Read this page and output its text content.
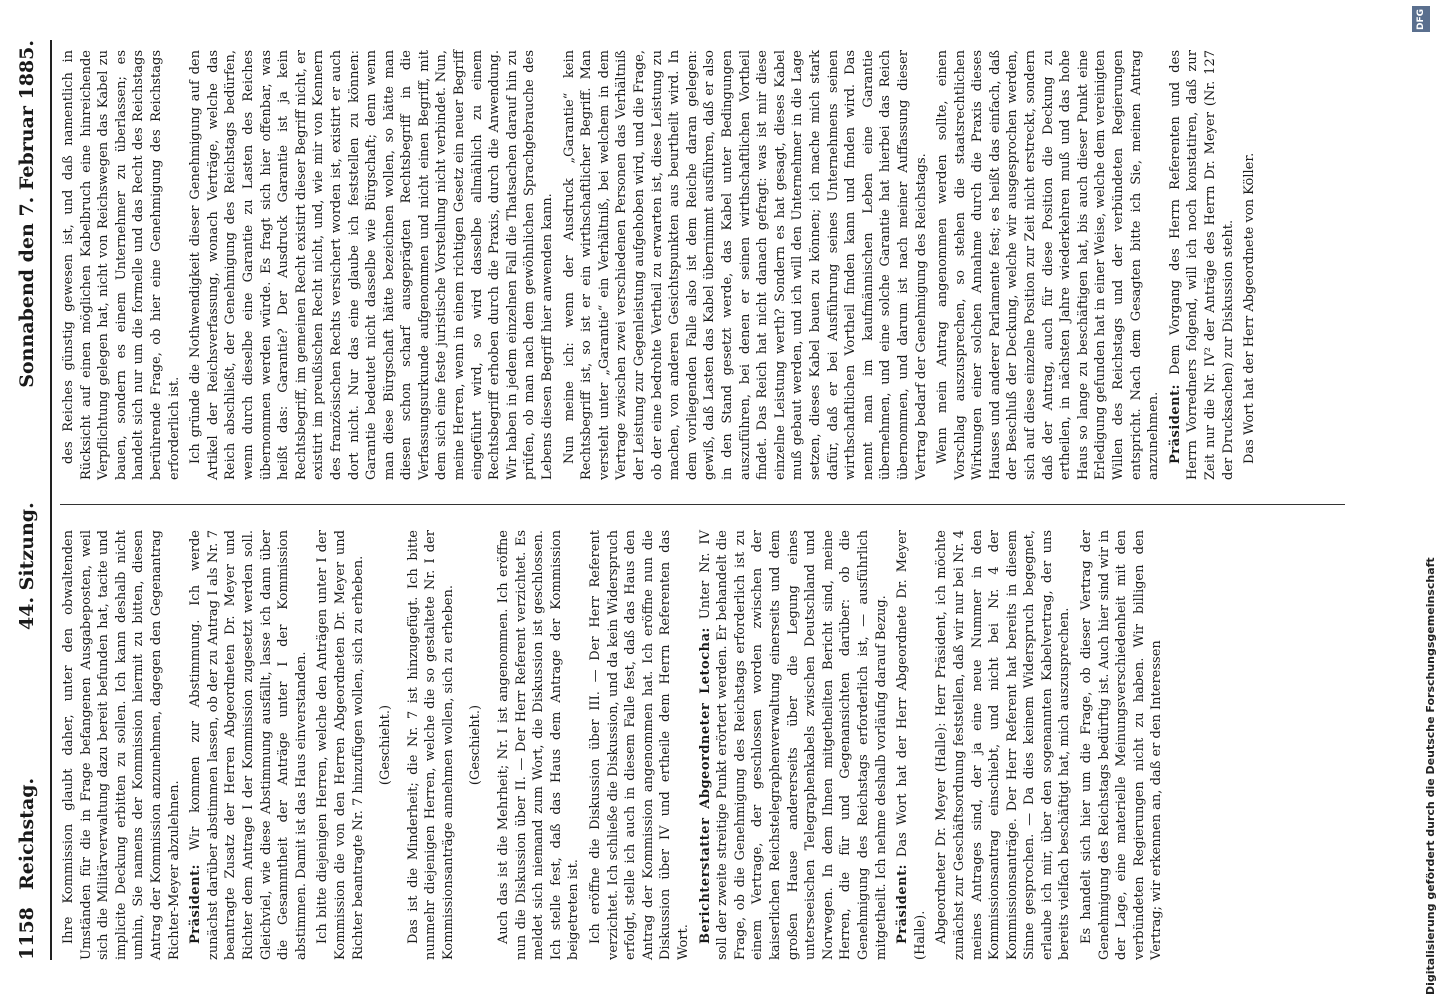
1158
Reichstag.
Sonnabend den 7. Februar 1885.
44. Sitzung. Ihre Kommission glaubt daher, unter den obwaltenden Umständen für die in Frage befangenen Ausgabeposten, weil sich die Militärverwaltung dazu bereit befunden hat, tacite und implicite Deckung erbitten zu sollen. Ich kann deshalb nicht umhin, Sie namens der Kommission hiermit zu bitten, diesen Antrag der Kommission anzunehmen, dagegen den Gegenantrag Richter-Meyer abzulehnen. Präsident: Wir kommen zur Abstimmung. Ich werde zunächst darüber abstimmen lassen, ob der zu Antrag I als Nr. 7 beantragte Zusatz der Herren Abgeordneten Dr. Meyer und Richter dem Antrage I der Kommission zugesetzt werden soll. Gleichviel, wie diese Abstimmung ausfällt, lasse ich dann über die Gesammtheit der Anträge unter I der Kommission abstimmen. Damit ist das Haus einverstanden. Ich bitte diejenigen Herren, welche den Anträgen unter I der Kommission die von den Herren Abgeordneten Dr. Meyer und Richter beantragte Nr. 7 hinzufügen wollen, sich zu erheben. (Geschieht.) Das ist die Minderheit; die Nr. 7 ist hinzugefügt. Ich bitte nunmehr diejenigen Herren, welche die so gestaltete Nr. I der Kommissionsanträge annehmen wollen, sich zu erheben. (Geschieht.) Auch das ist die Mehrheit; Nr. I ist angenommen. Ich eröffne nun die Diskussion über II. — Der Herr Referent verzichtet. Es meldet sich niemand zum Wort, die Diskussion ist geschlossen. Ich stelle fest, daß das Haus dem Antrage der Kommission beigetreten ist. Ich eröffne die Diskussion über III. — Der Herr Referent verzichtet. Ich schließe die Diskussion, und da kein Widerspruch erfolgt, stelle ich auch in diesem Falle fest, daß das Haus den Antrag der Kommission angenommen hat. Ich eröffne nun die Diskussion über IV und ertheile dem Herrn Referenten das Wort. Berichterstatter Abgeordneter Letocha: Unter Nr. IV soll der zweite streitige Punkt erörtert werden. Er behandelt die Frage, ob die Genehmigung des Reichstags erforderlich ist zu einem Vertrage, der geschlossen worden zwischen der kaiserlichen Reichstelegraphenverwaltung einerseits und dem großen Hause andererseits über die Legung eines unterseeischen Telegraphenkabels zwischen Deutschland und Norwegen. In dem Ihnen mitgetheilten Bericht sind, meine Herren, die für und Gegenansichten darüber: ob die Genehmigung des Reichstags erforderlich ist, — ausführlich mitgetheilt. Ich nehme deshalb vorläufig darauf Bezug. Präsident: Das Wort hat der Herr Abgeordnete Dr. Meyer (Halle). Abgeordneter Dr. Meyer (Halle): Herr Präsident, ich möchte zunächst zur Geschäftsordnung feststellen, daß wir nur bei Nr. 4 meines Antrages sind, der ja eine neue Nummer in den Kommissionsantrag einschiebt, und nicht bei Nr. 4 der Kommissionsanträge. Der Herr Referent hat bereits in diesem Sinne gesprochen. — Da dies keinem Widerspruch begegnet, erlaube ich mir, über den sogenannten Kabelvertrag, der uns bereits vielfach beschäftigt hat, mich auszusprechen. Es handelt sich hier um die Frage, ob dieser Vertrag der Genehmigung des Reichstags bedürftig ist. Auch hier sind wir in der Lage, eine materielle Meinungsverschiedenheit mit den verbündeten Regierungen nicht zu haben. Wir billigen den Vertrag; wir erkennen an, daß er den Interessen

des Reiches günstig gewesen ist, und daß namentlich in Rücksicht auf einen möglichen Kabelbruch eine hinreichende Verpflichtung gelegen hat, nicht von Reichswegen das Kabel zu bauen, sondern es einem Unternehmer zu überlassen; es handelt sich nur um die formelle und das Recht des Reichstags berührende Frage, ob hier eine Genehmigung des Reichstags erforderlich ist. Ich gründe die Nothwendigkeit dieser Genehmigung auf den Artikel der Reichsverfassung, wonach Verträge, welche das Reich abschließt, der Genehmigung des Reichstags bedürfen, wenn durch dieselbe eine Garantie zu Lasten des Reiches übernommen werden würde. Es fragt sich hier offenbar, was heißt das: Garantie? Der Ausdruck Garantie ist ja kein Rechtsbegriff, im gemeinen Recht existirt dieser Begriff nicht, er existirt im preußischen Recht nicht, und, wie mir von Kennern des französischen Rechts versichert worden ist, existirt er auch dort nicht. Nur das eine glaube ich feststellen zu können: Garantie bedeutet nicht dasselbe wie Bürgschaft; denn wenn man diese Bürgschaft hätte bezeichnen wollen, so hätte man diesen schon scharf ausgeprägten Rechtsbegriff in die Verfassungsurkunde aufgenommen und nicht einen Begriff, mit dem sich eine feste juristische Vorstellung nicht verbindet. Nun, meine Herren, wenn in einem richtigen Gesetz ein neuer Begriff eingeführt wird, so wird dasselbe allmählich zu einem Rechtsbegriff erhoben durch die Praxis, durch die Anwendung. Wir haben in jedem einzelnen Fall die Thatsachen darauf hin zu prüfen, ob man nach dem gewöhnlichen Sprachgebrauche des Lebens diesen Begriff hier anwenden kann. Nun meine ich: wenn der Ausdruck „Garantie“ kein Rechtsbegriff ist, so ist er ein wirthschaftlicher Begriff. Man versteht unter „Garantie“ ein Verhältniß, bei welchem in dem Vertrage zwischen zwei verschiedenen Personen das Verhältniß der Leistung zur Gegenleistung aufgehoben wird, und die Frage, ob der eine bedrohte Vertheil zu erwarten ist, diese Leistung zu machen, von anderen Gesichtspunkten aus beurtheilt wird. In dem vorliegenden Falle also ist dem Reiche daran gelegen: gewiß, daß Lasten das Kabel übernimmt ausführen, daß er also in den Stand gesetzt werde, das Kabel unter Bedingungen auszuführen, bei denen er seinen wirthschaftlichen Vortheil findet. Das Reich hat nicht danach gefragt: was ist mir diese einzelne Leistung werth? Sondern es hat gesagt, dieses Kabel muß gebaut werden, und ich will den Unternehmer in die Lage setzen, dieses Kabel bauen zu können; ich mache mich stark dafür, daß er bei Ausführung seines Unternehmens seinen wirthschaftlichen Vortheil finden kann und finden wird. Das nennt man im kaufmännischen Leben eine Garantie übernehmen, und eine solche Garantie hat hierbei das Reich übernommen, und darum ist nach meiner Auffassung dieser Vertrag bedarf der Genehmigung des Reichstags. Wenn mein Antrag angenommen werden sollte, einen Vorschlag auszusprechen, so stehen die staatsrechtlichen Wirkungen einer solchen Annahme durch die Praxis dieses Hauses und anderer Parlamente fest; es heißt das einfach, daß der Beschluß der Deckung, welche wir ausgesprochen werden, sich auf diese einzelne Position zur Zeit nicht erstreckt, sondern daß der Antrag, auch für diese Position die Deckung zu ertheilen, in nächsten Jahre wiederkehren muß und das hohe Haus so lange zu beschäftigen hat, bis auch dieser Punkt eine Erledigung gefunden hat in einer Weise, welche dem vereinigten Willen des Reichstags und der verbündeten Regierungen entspricht. Nach dem Gesagten bitte ich Sie, meinen Antrag anzunehmen. Präsident: Dem Vorgang des Herrn Referenten und des Herrn Vorredners folgend, will ich noch konstatiren, daß zur Zeit nur die Nr. IV² der Anträge des Herrn Dr. Meyer (Nr. 127 der Drucksachen) zur Diskussion steht. Das Wort hat der Herr Abgeordnete von Köller.

DFG
Digitalisierung gefördert durch die Deutsche Forschungsgemeinschaft
